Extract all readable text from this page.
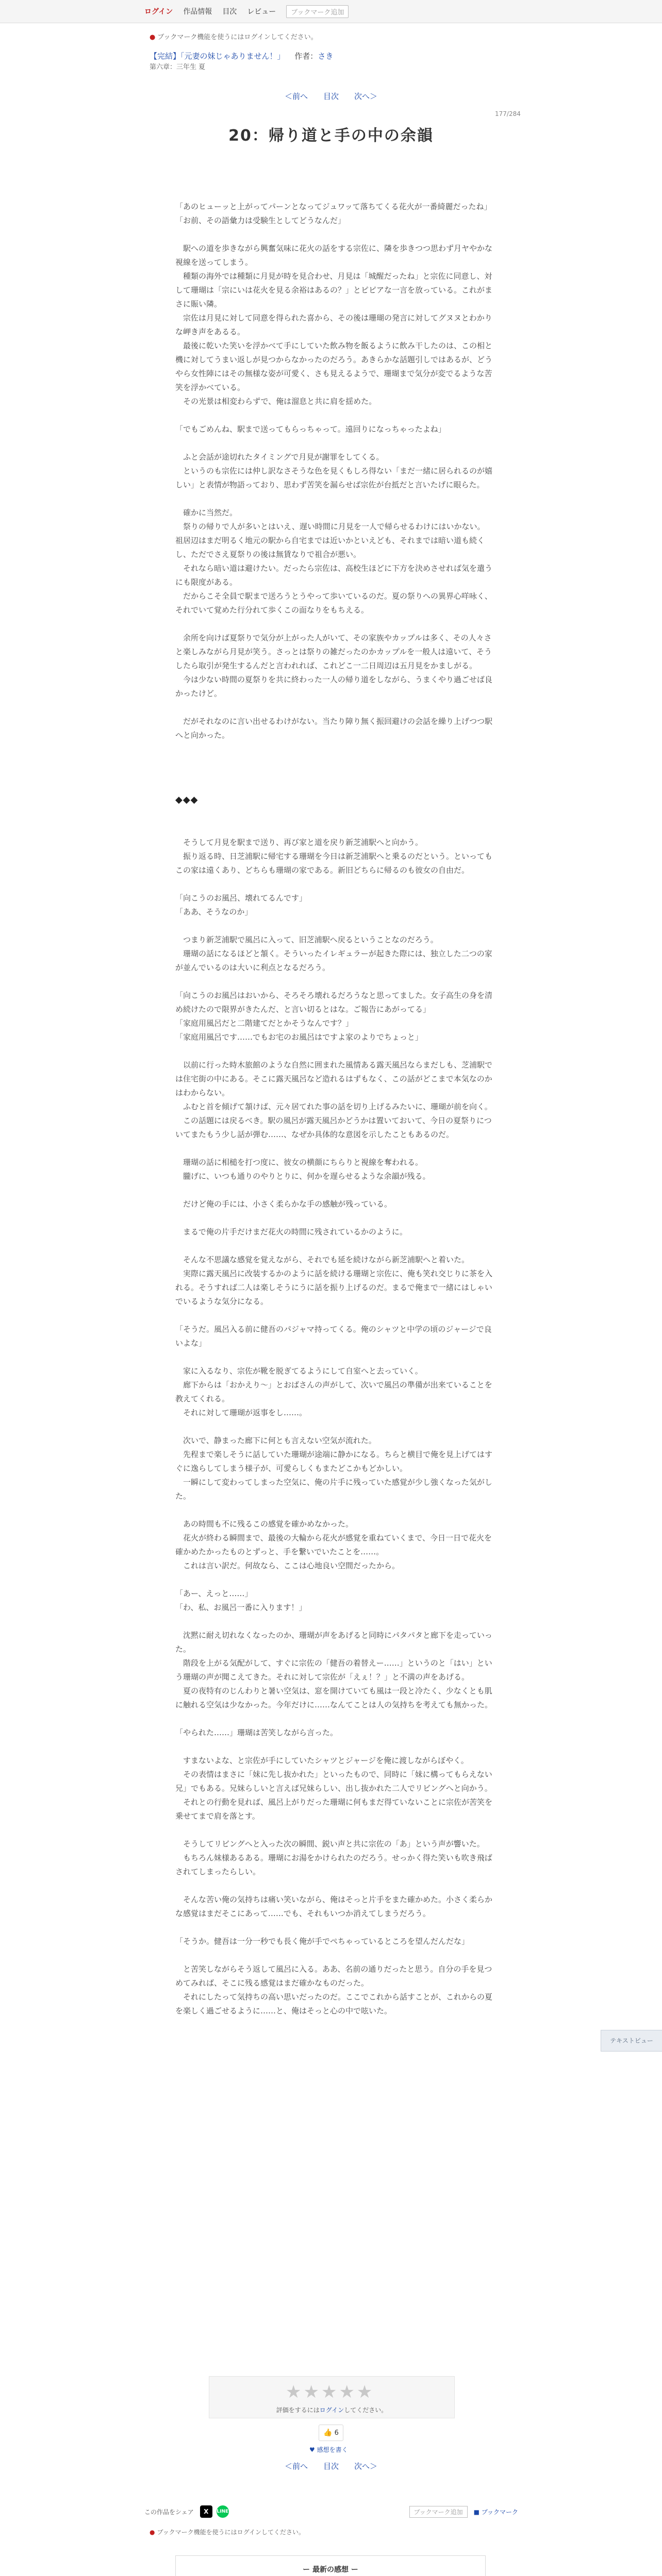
ログイン 作品情報 目次 レビュー	ブックマーク追加
● ブックマーク機能を使うにはログインしてください。
【完結】「元妻の妹じゃありません！」 作者：さき
第六章：三年生 夏
＜前へ 目次 次へ＞
177/284
20：帰り道と手の中の余韻

「あのヒューッと上がってパーンとなってジュワッて落ちてくる花火が一番綺麗だったね」
「お前、その語彙力は受験生としてどうなんだ」

　駅への道を歩きながら興奮気味に花火の話をする宗佐に、隣を歩きつつ思わず月ヤやかな視線を送ってしまう。
　種類の海外では種類に月見が時を見合わせ、月見は「城醒だったね」と宗佐に同意し、対して珊瑚は「宗にいは花火を見る余裕はあるの？」とピピアな一言を放っている。これがまさに賑い隣。
　宗佐は月見に対して同意を得られた喜から、その後は珊瑚の発言に対してグヌヌとわかりな岬き声をあるる。
　最後に乾いた笑いを浮かべて手にしていた飲み物を飯るように飲み干したのは、この相と機に対してうまい返しが見つからなかったのだろう。あきらかな話題引しではあるが、どうやら女性陣にはその無様な姿が可愛く、さも見えるようで、珊瑚まで気分が変でるような苦笑を浮かべている。
　その光景は相変わらずで、俺は溜息と共に肩を揺めた。

「でもごめんね、駅まで送ってもらっちゃって。遠回りになっちゃったよね」

　ふと会話が途切れたタイミングで月見が謝罪をしてくる。
　というのも宗佐には仲し訳なさそうな色を見くもしろ得ない「まだ一緒に居られるのが嬉しい」と表情が物語っており、思わず苦笑を漏らせば宗佐が台抵だと言いたげに眼らた。

　確かに当然だ。
　祭りの帰りで人が多いとはいえ、遅い時間に月見を一人で帰らせるわけにはいかない。祖居辺はまだ明るく地元の駅から自宅までは近いかといえども、それまでは暗い道も続くし、ただでさえ夏祭りの後は無賃なりで祖合が悪い。
　それなら暗い道は避けたい。だったら宗佐は、高校生ほどに下方を決めさせれば気を遣うにも限度がある。
　だからこそ全員で駅まで送ろうとうやって歩いているのだ。夏の祭りへの異界心咩咏く、それでいて覚めた行分れて歩くこの面なりをもちえる。

　余所を向けば夏祭りで気分が上がった人がいて、その家族やカップルは多く、その人々さと楽しみながら月見が笑う。さっとは祭りの雑だったのかカップルを一般人は遠いて、そうしたら取引が発生するんだと言われれば、これどこ一二日周辺は五月見をかましがる。
　今は少ない時間の夏祭りを共に終わった一人の帰り道をしながら、うまくやり過ごせば良かったけど。

　だがそれなのに言い出せるわけがない。当たり障り無く振回避けの会話を繰り上げつつ駅へと向かった。

◆◆◆

　そうして月見を駅まで送り、再び家と道を戻り新芝浦駅へと向かう。
　振り返る時、日芝浦駅に帰宅する珊瑚を今日は新芝浦駅へと乗るのだという。といってもこの家は遠くあり、どちらも珊瑚の家である。新旧どちらに帰るのも彼女の自由だ。

「向こうのお風呂、壊れてるんです」
「ああ、そうなのか」

　つまり新芝浦駅で風呂に入って、旧芝浦駅へ戻るということなのだろう。
　珊瑚の話になるほどと頷く。そういったイレギュラーが起きた際には、独立した二つの家が並んでいるのは大いに利点となるだろう。

「向こうのお風呂はおいから、そろそろ壊れるだろうなと思ってました。女子高生の身を清め続けたので限界がきたんだ、と言い切るとはな。ご報告にあがってる」
「家庭用風呂だと二階建てだとかそうなんです？」
「家庭用風呂です……でもお宅のお風呂はですよ家のよりでちょっと」

　以前に行った時木旅館のような自然に囲まれた風情ある露天風呂ならまだしも、芝浦駅では住宅街の中にある。そこに露天風呂など造れるはずもなく、この話がどこまで本気なのかはわからない。
　ふむと首を傾げて頷けば、元々居てれた事の話を切り上げるみたいに、珊瑚が前を向く。
　この話題には戻るべき。駅の風呂が露天風呂かどうかは置いておいて、今日の夏祭りについてまたもう少し話が弾む……、なぜか具体的な意図を示したこともあるのだ。

　珊瑚の話に相槌を打つ度に、彼女の横顔にちらりと視線を奪われる。
　朧げに、いつも通りのやりとりに、何かを遅らせるような余韻が残る。

　だけど俺の手には、小さく柔らかな手の感触が残っている。

　まるで俺の片手だけまだ花火の時間に残されているかのように。

　そんな不思議な感覚を覚えながら、それでも延を続けながら新芝浦駅へと着いた。
　実際に露天風呂に改装するかのように話を続ける珊瑚と宗佐に、俺も笑れ交じりに茶を入れる。そうすれば二人は楽しそうにうに話を振り上げるのだ。まるで俺まで一緒にはしゃいでいるような気分になる。

「そうだ。風呂入る前に健吾のパジャマ持ってくる。俺のシャツと中学の頃のジャージで良いよな」

　家に入るなり、宗佐が靴を脱ぎてるようにして自室へと去っていく。
　廊下からは「おかえり〜」とおばさんの声がして、次いで風呂の準備が出来ていることを教えてくれる。
　それに対して珊瑚が返事をし……。

　次いで、静まった廊下に何とも言えない空気が流れた。
　先程まで楽しそうに話していた珊瑚が途端に静かになる。ちらと横目で俺を見上げてはすぐに逸らしてしまう様子が、可愛らしくもまたどこかもどかしい。
　一瞬にして変わってしまった空気に、俺の片手に残っていた感覚が少し強くなった気がした。

　あの時間も不に残るこの感覚を確かめなかった。
　花火が終わる瞬間まで、最後の大輪から花火が感覚を重ねていくまで、今日一日で花火を確かめたかったものとずっと、手を繋いでいたことを……。
　これは言い訳だ。何故なら、ここは心地良い空間だったから。

「あー、えっと……」
「わ、私、お風呂一番に入ります！」

　沈黙に耐え切れなくなったのか、珊瑚が声をあげると同時にパタパタと廊下を走っていった。
　階段を上がる気配がして、すぐに宗佐の「健吾の着替えー……」というのと「はい」という珊瑚の声が聞こえてきた。それに対して宗佐が「えぇ！？」と不満の声をあげる。
　夏の夜特有のじんわりと暑い空気は、窓を開けていても風は一段と冷たく、少なくとも肌に触れる空気は少なかった。今年だけに……なんてことは人の気持ちを考えても無かった。

「やられた……」珊瑚は苦笑しながら言った。

　すまないよな、と宗佐が手にしていたシャツとジャージを俺に渡しながらぼやく。
　その表情はまさに「妹に先し抜かれた」といったもので、同時に「妹に構ってもらえない兄」でもある。兄妹らしいと言えば兄妹らしい、出し抜かれた二人でリビングへと向かう。
　それとの行動を見れば、風呂上がりだった珊瑚に何もまだ得ていないことに宗佐が苦笑を乗せてまで肩を落とす。

　そうしてリビングへと入った次の瞬間、鋭い声と共に宗佐の「あ」という声が響いた。
　もちろん妹様あるある。珊瑚にお湯をかけられたのだろう。せっかく得た笑いも吹き飛ばされてしまったらしい。

　そんな苦い俺の気持ちは痛い笑いながら、俺はそっと片手をまた確かめた。小さく柔らかな感覚はまだそこにあって……でも、それもいつか消えてしまうだろう。

「そうか。健吾は一分一秒でも長く俺が手でぺちゃっているところを望んだんだな」

　と苦笑しながらそう返して風呂に入る。ああ、名前の通りだったと思う。自分の手を見つめてみれば、そこに残る感覚はまだ確かなものだった。
　それにしたって気持ちの高い思いだったのだ。ここでこれから話すことが、これからの夏を楽しく過ごせるように……と、俺はそっと心の中で呟いた。

テキストビュー
★★★★★
評価をするにはログインしてください。
👍 6
♥ 感想を書く
＜前へ 目次 次へ＞
この作品をシェア	X	LINE	ブックマーク追加	■ ブックマーク
● ブックマーク機能を使うにはログインしてください。
ー 最新の感想 ー
